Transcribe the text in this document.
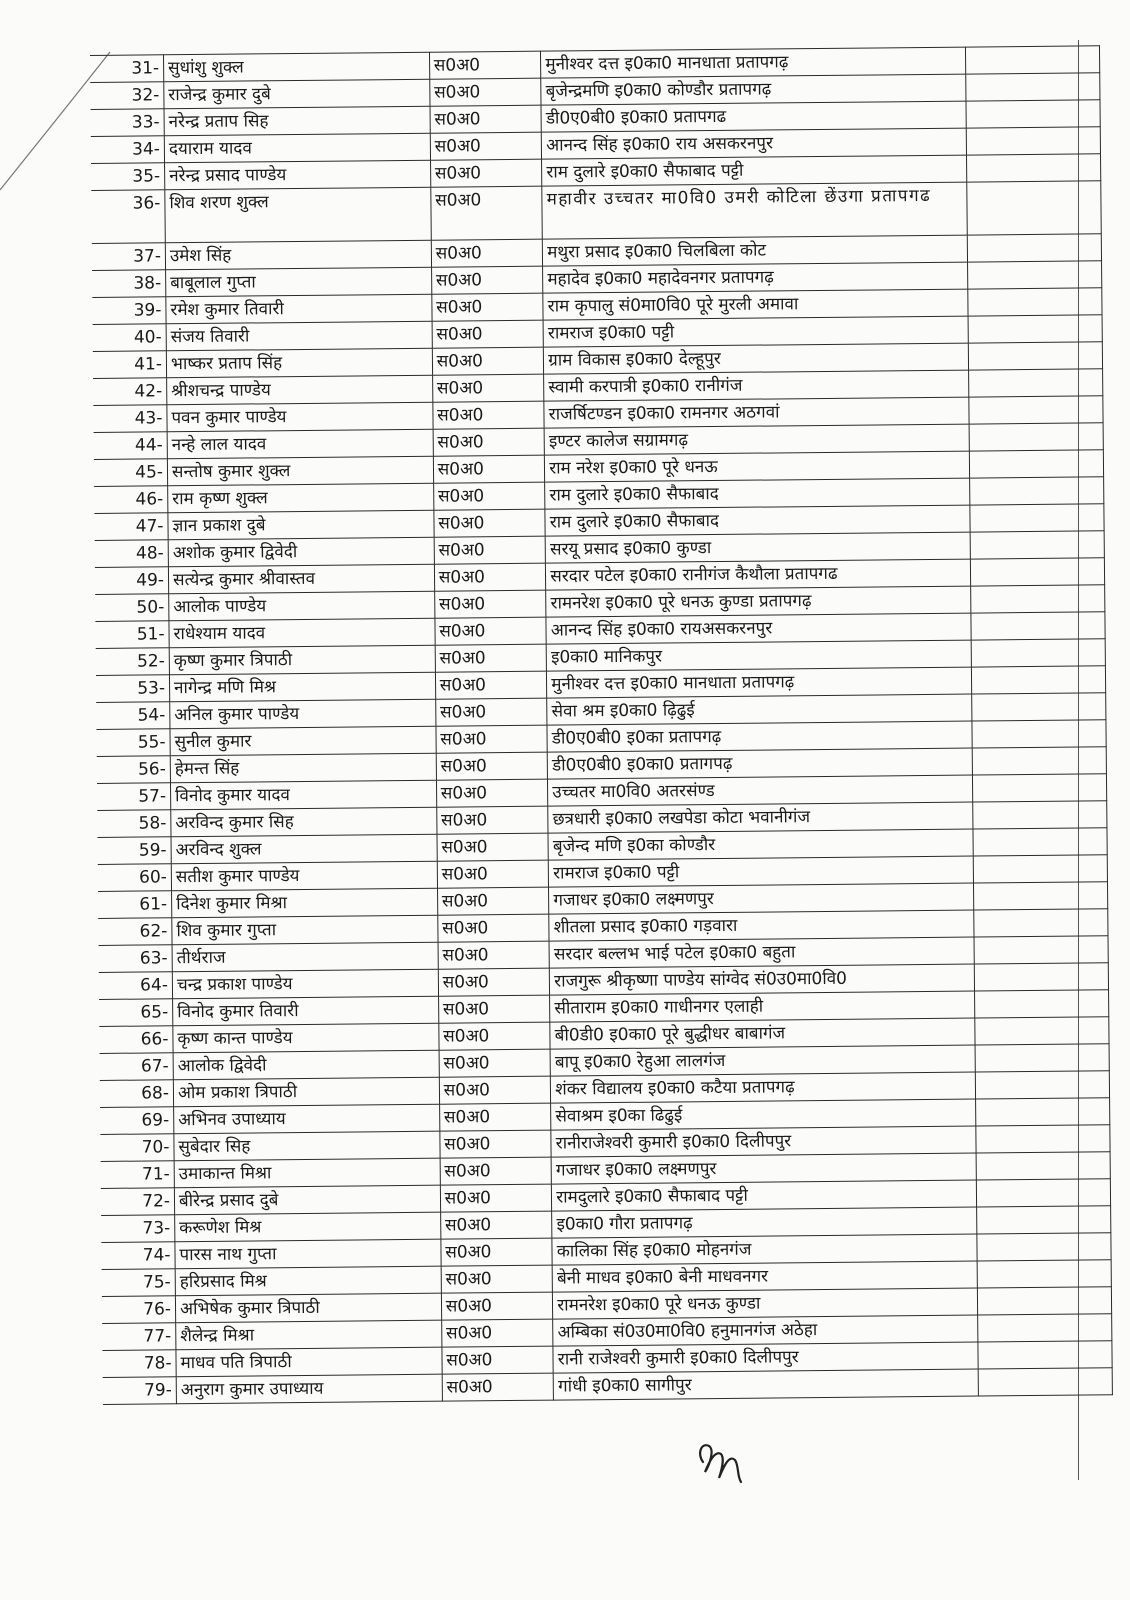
31-	सुधांशु शुक्ल	स0अ0	मुनीश्वर दत्त इ0का0 मानधाता प्रतापगढ़	
32-	राजेन्द्र कुमार दुबे	स0अ0	बृजेन्द्रमणि इ0का0 कोण्डौर प्रतापगढ़	
33-	नरेन्द्र प्रताप सिह	स0अ0	डी0ए0बी0 इ0का0 प्रतापगढ	
34-	दयाराम यादव	स0अ0	आनन्द सिंह इ0का0 राय असकरनपुर	
35-	नरेन्द्र प्रसाद पाण्डेय	स0अ0	राम दुलारे इ0का0 सैफाबाद पट्टी	
36-	शिव शरण शुक्ल	स0अ0	महावीर उच्चतर मा0वि0 उमरी कोटिला छेंउगा प्रतापगढ	
37-	उमेश सिंह	स0अ0	मथुरा प्रसाद इ0का0 चिलबिला कोट	
38-	बाबूलाल गुप्ता	स0अ0	महादेव इ0का0 महादेवनगर प्रतापगढ़	
39-	रमेश कुमार तिवारी	स0अ0	राम कृपालु सं0मा0वि0 पूरे मुरली अमावा	
40-	संजय तिवारी	स0अ0	रामराज इ0का0 पट्टी	
41-	भाष्कर प्रताप सिंह	स0अ0	ग्राम विकास इ0का0 देल्हूपुर	
42-	श्रीशचन्द्र पाण्डेय	स0अ0	स्वामी करपात्री इ0का0 रानीगंज	
43-	पवन कुमार पाण्डेय	स0अ0	राजर्षिटण्डन इ0का0 रामनगर अठगवां	
44-	नन्हे लाल यादव	स0अ0	इण्टर कालेज सग्रामगढ़	
45-	सन्तोष कुमार शुक्ल	स0अ0	राम नरेश इ0का0 पूरे धनऊ	
46-	राम कृष्ण शुक्ल	स0अ0	राम दुलारे इ0का0 सैफाबाद	
47-	ज्ञान प्रकाश दुबे	स0अ0	राम दुलारे इ0का0 सैफाबाद	
48-	अशोक कुमार द्विवेदी	स0अ0	सरयू प्रसाद इ0का0 कुण्डा	
49-	सत्येन्द्र कुमार श्रीवास्तव	स0अ0	सरदार पटेल इ0का0 रानीगंज कैथौला प्रतापगढ	
50-	आलोक पाण्डेय	स0अ0	रामनरेश इ0का0 पूरे धनऊ कुण्डा प्रतापगढ़	
51-	राधेश्याम यादव	स0अ0	आनन्द सिंह इ0का0 रायअसकरनपुर	
52-	कृष्ण कुमार त्रिपाठी	स0अ0	इ0का0 मानिकपुर	
53-	नागेन्द्र मणि मिश्र	स0अ0	मुनीश्वर दत्त इ0का0 मानधाता प्रतापगढ़	
54-	अनिल कुमार पाण्डेय	स0अ0	सेवा श्रम इ0का0 ढ़िढुई	
55-	सुनील कुमार	स0अ0	डी0ए0बी0 इ0का प्रतापगढ़	
56-	हेमन्त सिंह	स0अ0	डी0ए0बी0 इ0का0 प्रतागपढ़	
57-	विनोद कुमार यादव	स0अ0	उच्चतर मा0वि0 अतरसंण्ड	
58-	अरविन्द कुमार सिह	स0अ0	छत्रधारी इ0का0 लखपेडा कोटा भवानीगंज	
59-	अरविन्द शुक्ल	स0अ0	बृजेन्द मणि इ0का कोण्डौर	
60-	सतीश कुमार पाण्डेय	स0अ0	रामराज इ0का0 पट्टी	
61-	दिनेश कुमार मिश्रा	स0अ0	गजाधर इ0का0 लक्ष्मणपुर	
62-	शिव कुमार गुप्ता	स0अ0	शीतला प्रसाद इ0का0 गड़वारा	
63-	तीर्थराज	स0अ0	सरदार बल्लभ भाई पटेल इ0का0 बहुता	
64-	चन्द्र प्रकाश पाण्डेय	स0अ0	राजगुरू श्रीकृष्णा पाण्डेय सांग्वेद सं0उ0मा0वि0	
65-	विनोद कुमार तिवारी	स0अ0	सीताराम इ0का0 गाधीनगर एलाही	
66-	कृष्ण कान्त पाण्डेय	स0अ0	बी0डी0 इ0का0 पूरे बुद्धीधर बाबागंज	
67-	आलोक द्विवेदी	स0अ0	बापू इ0का0 रेहुआ लालगंज	
68-	ओम प्रकाश त्रिपाठी	स0अ0	शंकर विद्यालय इ0का0 कटैया प्रतापगढ़	
69-	अभिनव उपाध्याय	स0अ0	सेवाश्रम इ0का ढिढुई	
70-	सुबेदार सिह	स0अ0	रानीराजेश्वरी कुमारी इ0का0 दिलीपपुर	
71-	उमाकान्त मिश्रा	स0अ0	गजाधर इ0का0 लक्ष्मणपुर	
72-	बीरेन्द्र प्रसाद दुबे	स0अ0	रामदुलारे इ0का0 सैफाबाद पट्टी	
73-	करूणेश मिश्र	स0अ0	इ0का0 गौरा प्रतापगढ़	
74-	पारस नाथ गुप्ता	स0अ0	कालिका सिंह इ0का0 मोहनगंज	
75-	हरिप्रसाद मिश्र	स0अ0	बेनी माधव इ0का0 बेनी माधवनगर	
76-	अभिषेक कुमार त्रिपाठी	स0अ0	रामनरेश इ0का0 पूरे धनऊ कुण्डा	
77-	शैलेन्द्र मिश्रा	स0अ0	अम्बिका सं0उ0मा0वि0 हनुमानगंज अठेहा	
78-	माधव पति त्रिपाठी	स0अ0	रानी राजेश्वरी कुमारी इ0का0 दिलीपपुर	
79-	अनुराग कुमार उपाध्याय	स0अ0	गांधी इ0का0 सागीपुर	
